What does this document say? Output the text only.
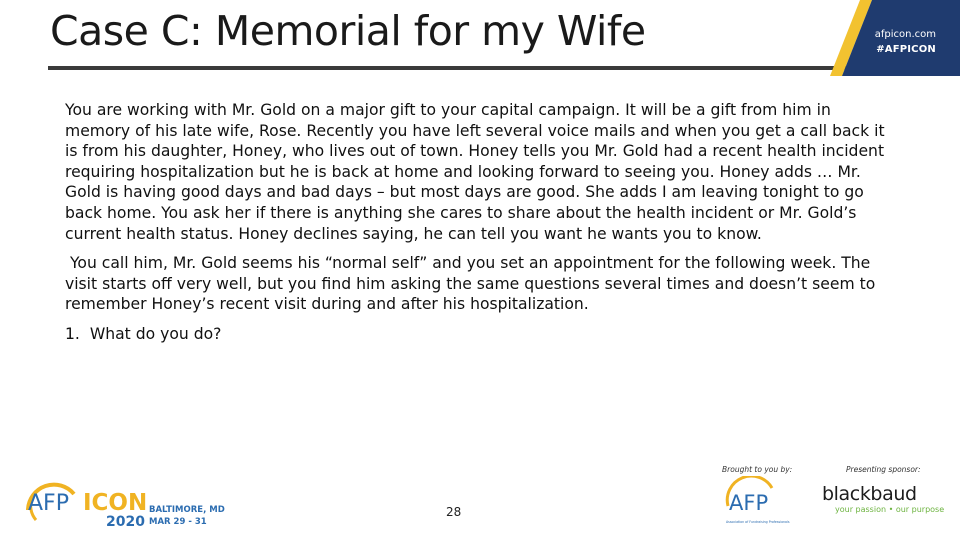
Case C: Memorial for my Wife	afpicon.com
#AFPICON

You are working with Mr. Gold on a major gift to your capital campaign. It will be a gift from him in memory of his late wife, Rose. Recently you have left several voice mails and when you get a call back it is from his daughter, Honey, who lives out of town. Honey tells you Mr. Gold had a recent health incident requiring hospitalization but he is back at home and looking forward to seeing you. Honey adds … Mr. Gold is having good days and bad days – but most days are good. She adds I am leaving tonight to go back home. You ask her if there is anything she cares to share about the health incident or Mr. Gold’s current health status. Honey declines saying, he can tell you want he wants you to know.

You call him, Mr. Gold seems his “normal self” and you set an appointment for the following week. The visit starts off very well, but you find him asking the same questions several times and doesn’t seem to remember Honey’s recent visit during and after his hospitalization.

1. What do you do?

AFP ICON
2020
BALTIMORE, MD
MAR 29 - 31
28
Brought to you by:	Presenting sponsor:
AFP
Association of Fundraising Professionals
blackbaud
your passion • our purpose
